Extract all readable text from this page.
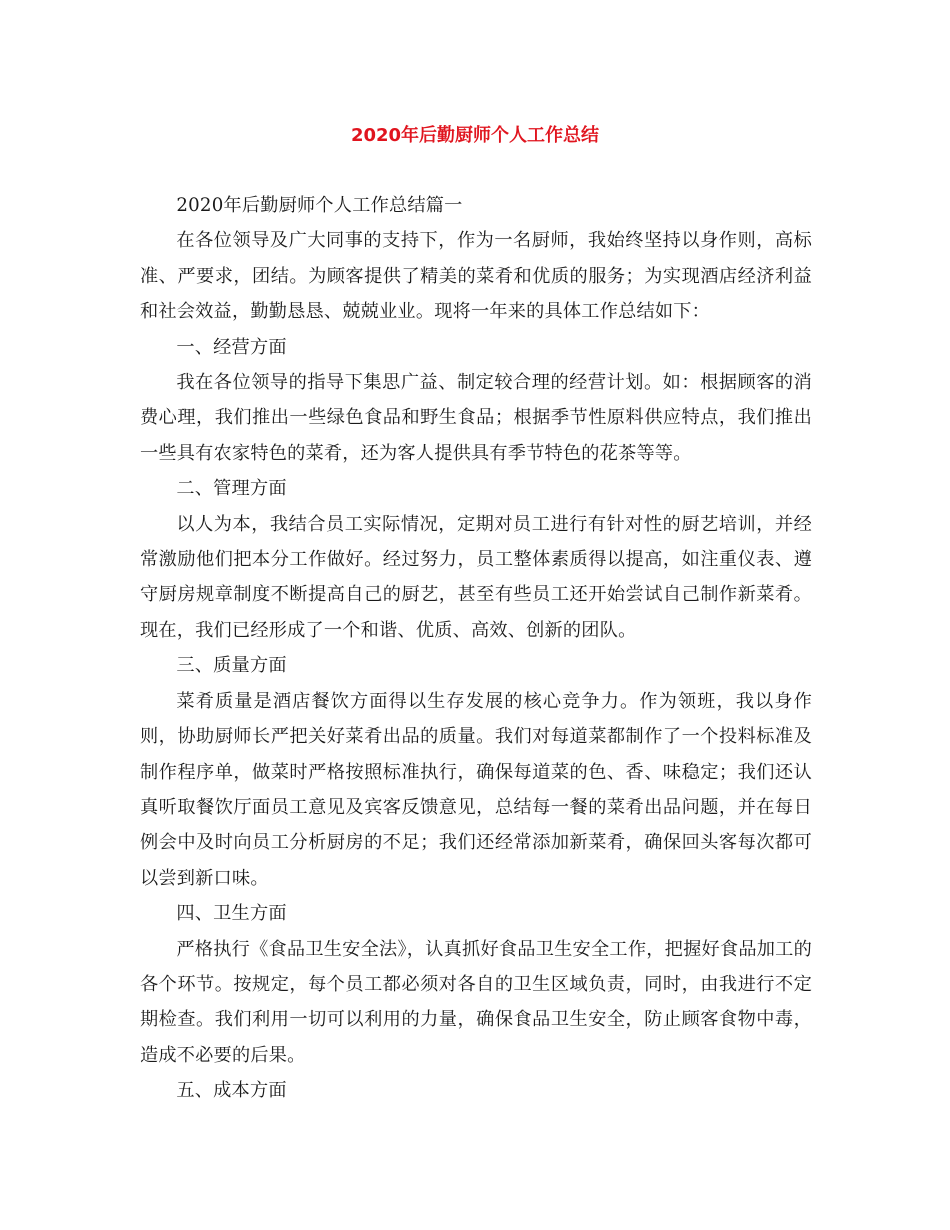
2020年后勤厨师个人工作总结

2020年后勤厨师个人工作总结篇一

在各位领导及广大同事的支持下，作为一名厨师，我始终坚持以身作则，高标准、严要求，团结。为顾客提供了精美的菜肴和优质的服务；为实现酒店经济利益和社会效益，勤勤恳恳、兢兢业业。现将一年来的具体工作总结如下：

一、经营方面

我在各位领导的指导下集思广益、制定较合理的经营计划。如：根据顾客的消费心理，我们推出一些绿色食品和野生食品；根据季节性原料供应特点，我们推出一些具有农家特色的菜肴，还为客人提供具有季节特色的花茶等等。

二、管理方面

以人为本，我结合员工实际情况，定期对员工进行有针对性的厨艺培训，并经常激励他们把本分工作做好。经过努力，员工整体素质得以提高，如注重仪表、遵守厨房规章制度不断提高自己的厨艺，甚至有些员工还开始尝试自己制作新菜肴。现在，我们已经形成了一个和谐、优质、高效、创新的团队。

三、质量方面

菜肴质量是酒店餐饮方面得以生存发展的核心竞争力。作为领班，我以身作则，协助厨师长严把关好菜肴出品的质量。我们对每道菜都制作了一个投料标准及制作程序单，做菜时严格按照标准执行，确保每道菜的色、香、味稳定；我们还认真听取餐饮厅面员工意见及宾客反馈意见，总结每一餐的菜肴出品问题，并在每日例会中及时向员工分析厨房的不足；我们还经常添加新菜肴，确保回头客每次都可以尝到新口味。

四、卫生方面

严格执行《食品卫生安全法》，认真抓好食品卫生安全工作，把握好食品加工的各个环节。按规定，每个员工都必须对各自的卫生区域负责，同时，由我进行不定期检查。我们利用一切可以利用的力量，确保食品卫生安全，防止顾客食物中毒，造成不必要的后果。

五、成本方面
